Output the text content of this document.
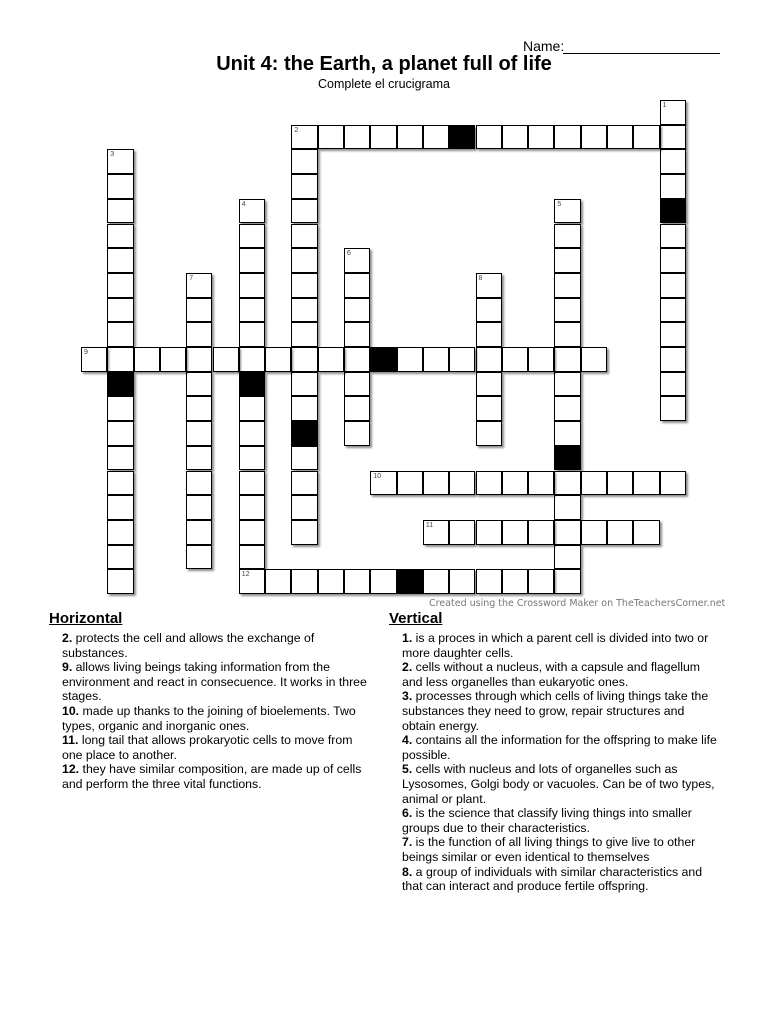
Name:
Unit 4: the Earth, a planet full of life
Complete el crucigrama
1
2
3
4
12
5
6
7	8
9
10
11
Created using the Crossword Maker on TheTeachersCorner.net
Horizontal
2. protects the cell and allows the exchange of substances.
9. allows living beings taking information from the environment and react in consecuence. It works in three stages.
10. made up thanks to the joining of bioelements. Two types, organic and inorganic ones.
11. long tail that allows prokaryotic cells to move from one place to another.
12. they have similar composition, are made up of cells and perform the three vital functions.
Vertical
1. is a proces in which a parent cell is divided into two or more daughter cells.
2. cells without a nucleus, with a capsule and flagellum and less organelles than eukaryotic ones.
3. processes through which cells of living things take the substances they need to grow, repair structures and obtain energy.
4. contains all the information for the offspring to make life possible.
5. cells with nucleus and lots of organelles such as Lysosomes, Golgi body or vacuoles. Can be of two types, animal or plant.
6. is the science that classify living things into smaller groups due to their characteristics.
7. is the function of all living things to give live to other beings similar or even identical to themselves
8. a group of individuals with similar characteristics and that can interact and produce fertile offspring.
